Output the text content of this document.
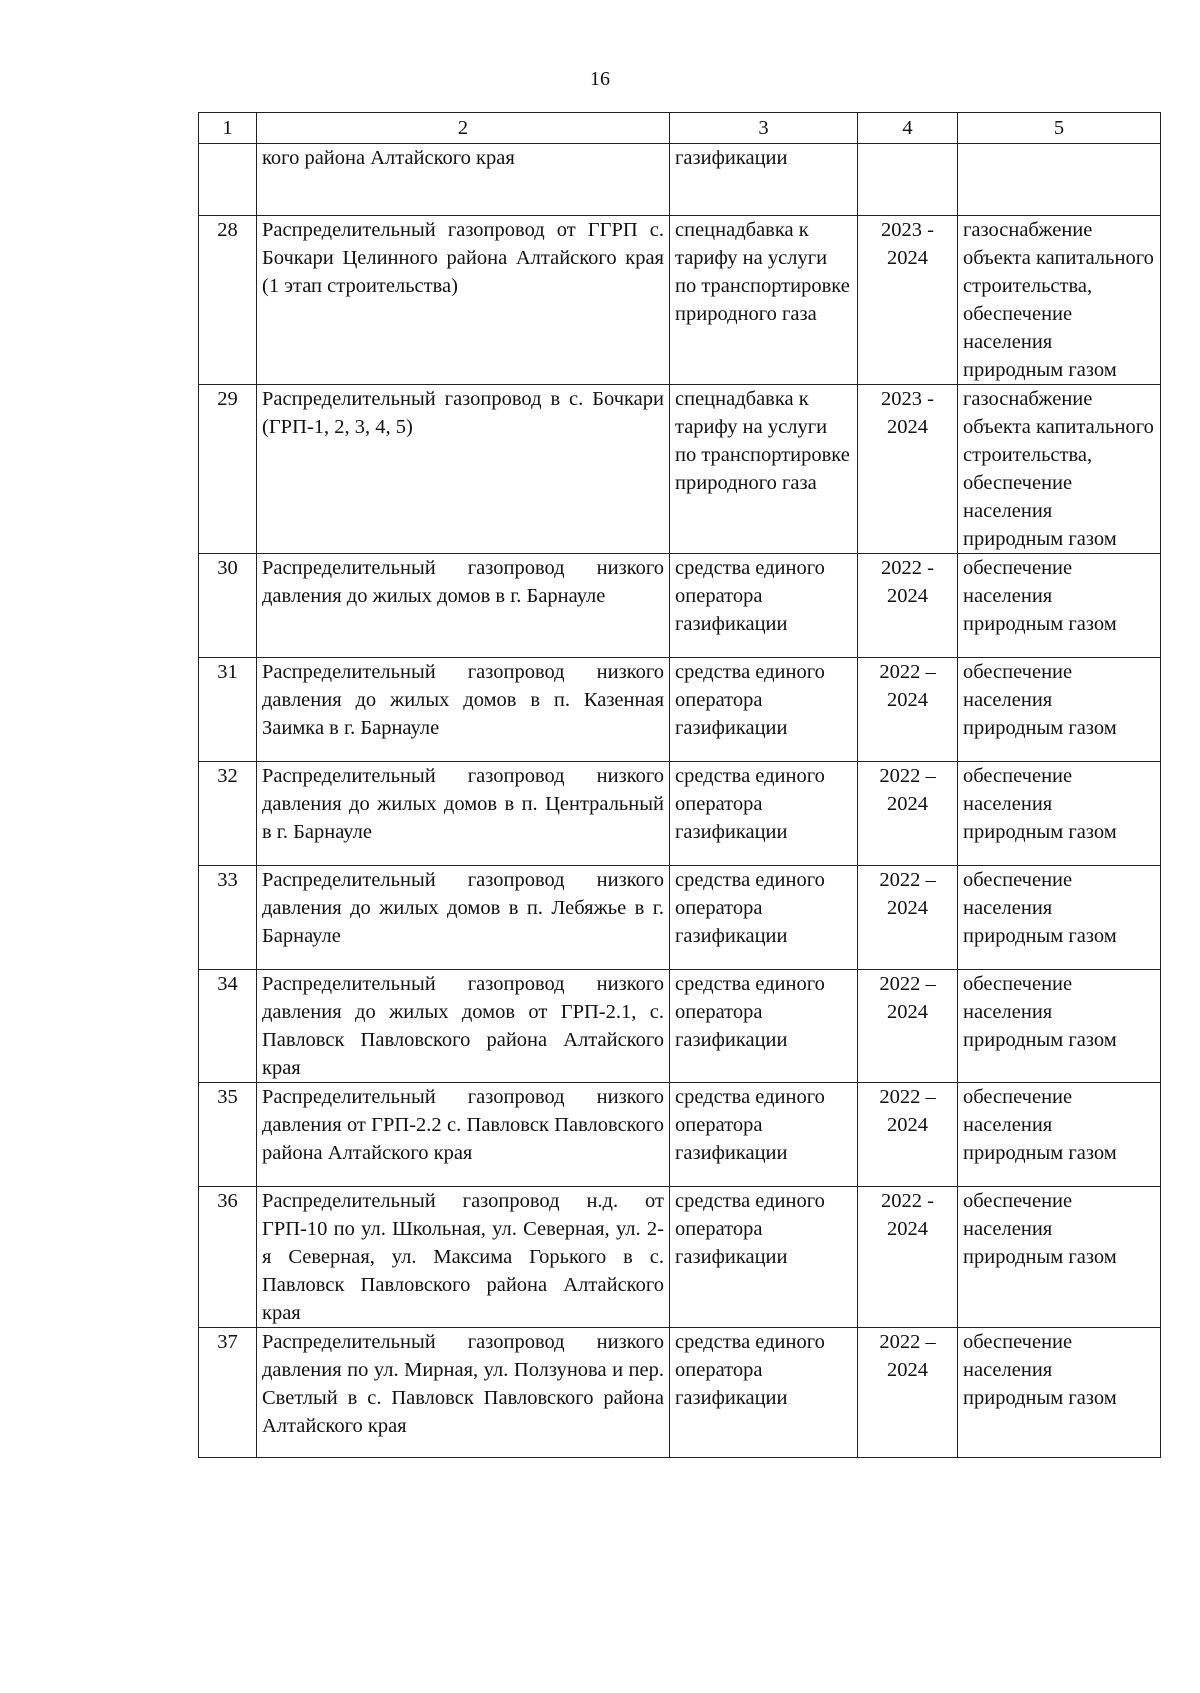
16
1	2	3	4	5
	кого района Алтайского края	газификации		
28	Распределительный газопровод от ГГРП с. Бочкари Целинного района Алтайского края (1 этап строительства)	спецнадбавка к тарифу на услуги по транспортировке природного газа	2023 - 2024	газоснабжение объекта капитального строительства, обеспечение населения природным газом
29	Распределительный газопровод в с. Бочкари (ГРП-1, 2, 3, 4, 5)	спецнадбавка к тарифу на услуги по транспортировке природного газа	2023 - 2024	газоснабжение объекта капитального строительства, обеспечение населения природным газом
30	Распределительный газопровод низкого давления до жилых домов в г. Барнауле	средства единого оператора газификации	2022 - 2024	обеспечение населения природным газом
31	Распределительный газопровод низкого давления до жилых домов в п. Казенная Заимка в г. Барнауле	средства единого оператора газификации	2022 – 2024	обеспечение населения природным газом
32	Распределительный газопровод низкого давления до жилых домов в п. Центральный в г. Барнауле	средства единого оператора газификации	2022 – 2024	обеспечение населения природным газом
33	Распределительный газопровод низкого давления до жилых домов в п. Лебяжье в г. Барнауле	средства единого оператора газификации	2022 – 2024	обеспечение населения природным газом
34	Распределительный газопровод низкого давления до жилых домов от ГРП-2.1, с. Павловск Павловского района Алтайского края	средства единого оператора газификации	2022 – 2024	обеспечение населения природным газом
35	Распределительный газопровод низкого давления от ГРП-2.2 с. Павловск Павловского района Алтайского края	средства единого оператора газификации	2022 – 2024	обеспечение населения природным газом
36	Распределительный газопровод н.д. от ГРП-10 по ул. Школьная, ул. Северная, ул. 2-я Северная, ул. Максима Горького в с. Павловск Павловского района Алтайского края	средства единого оператора газификации	2022 - 2024	обеспечение населения природным газом
37	Распределительный газопровод низкого давления по ул. Мирная, ул. Ползунова и пер. Светлый в с. Павловск Павловского района Алтайского края	средства единого оператора газификации	2022 – 2024	обеспечение населения природным газом
